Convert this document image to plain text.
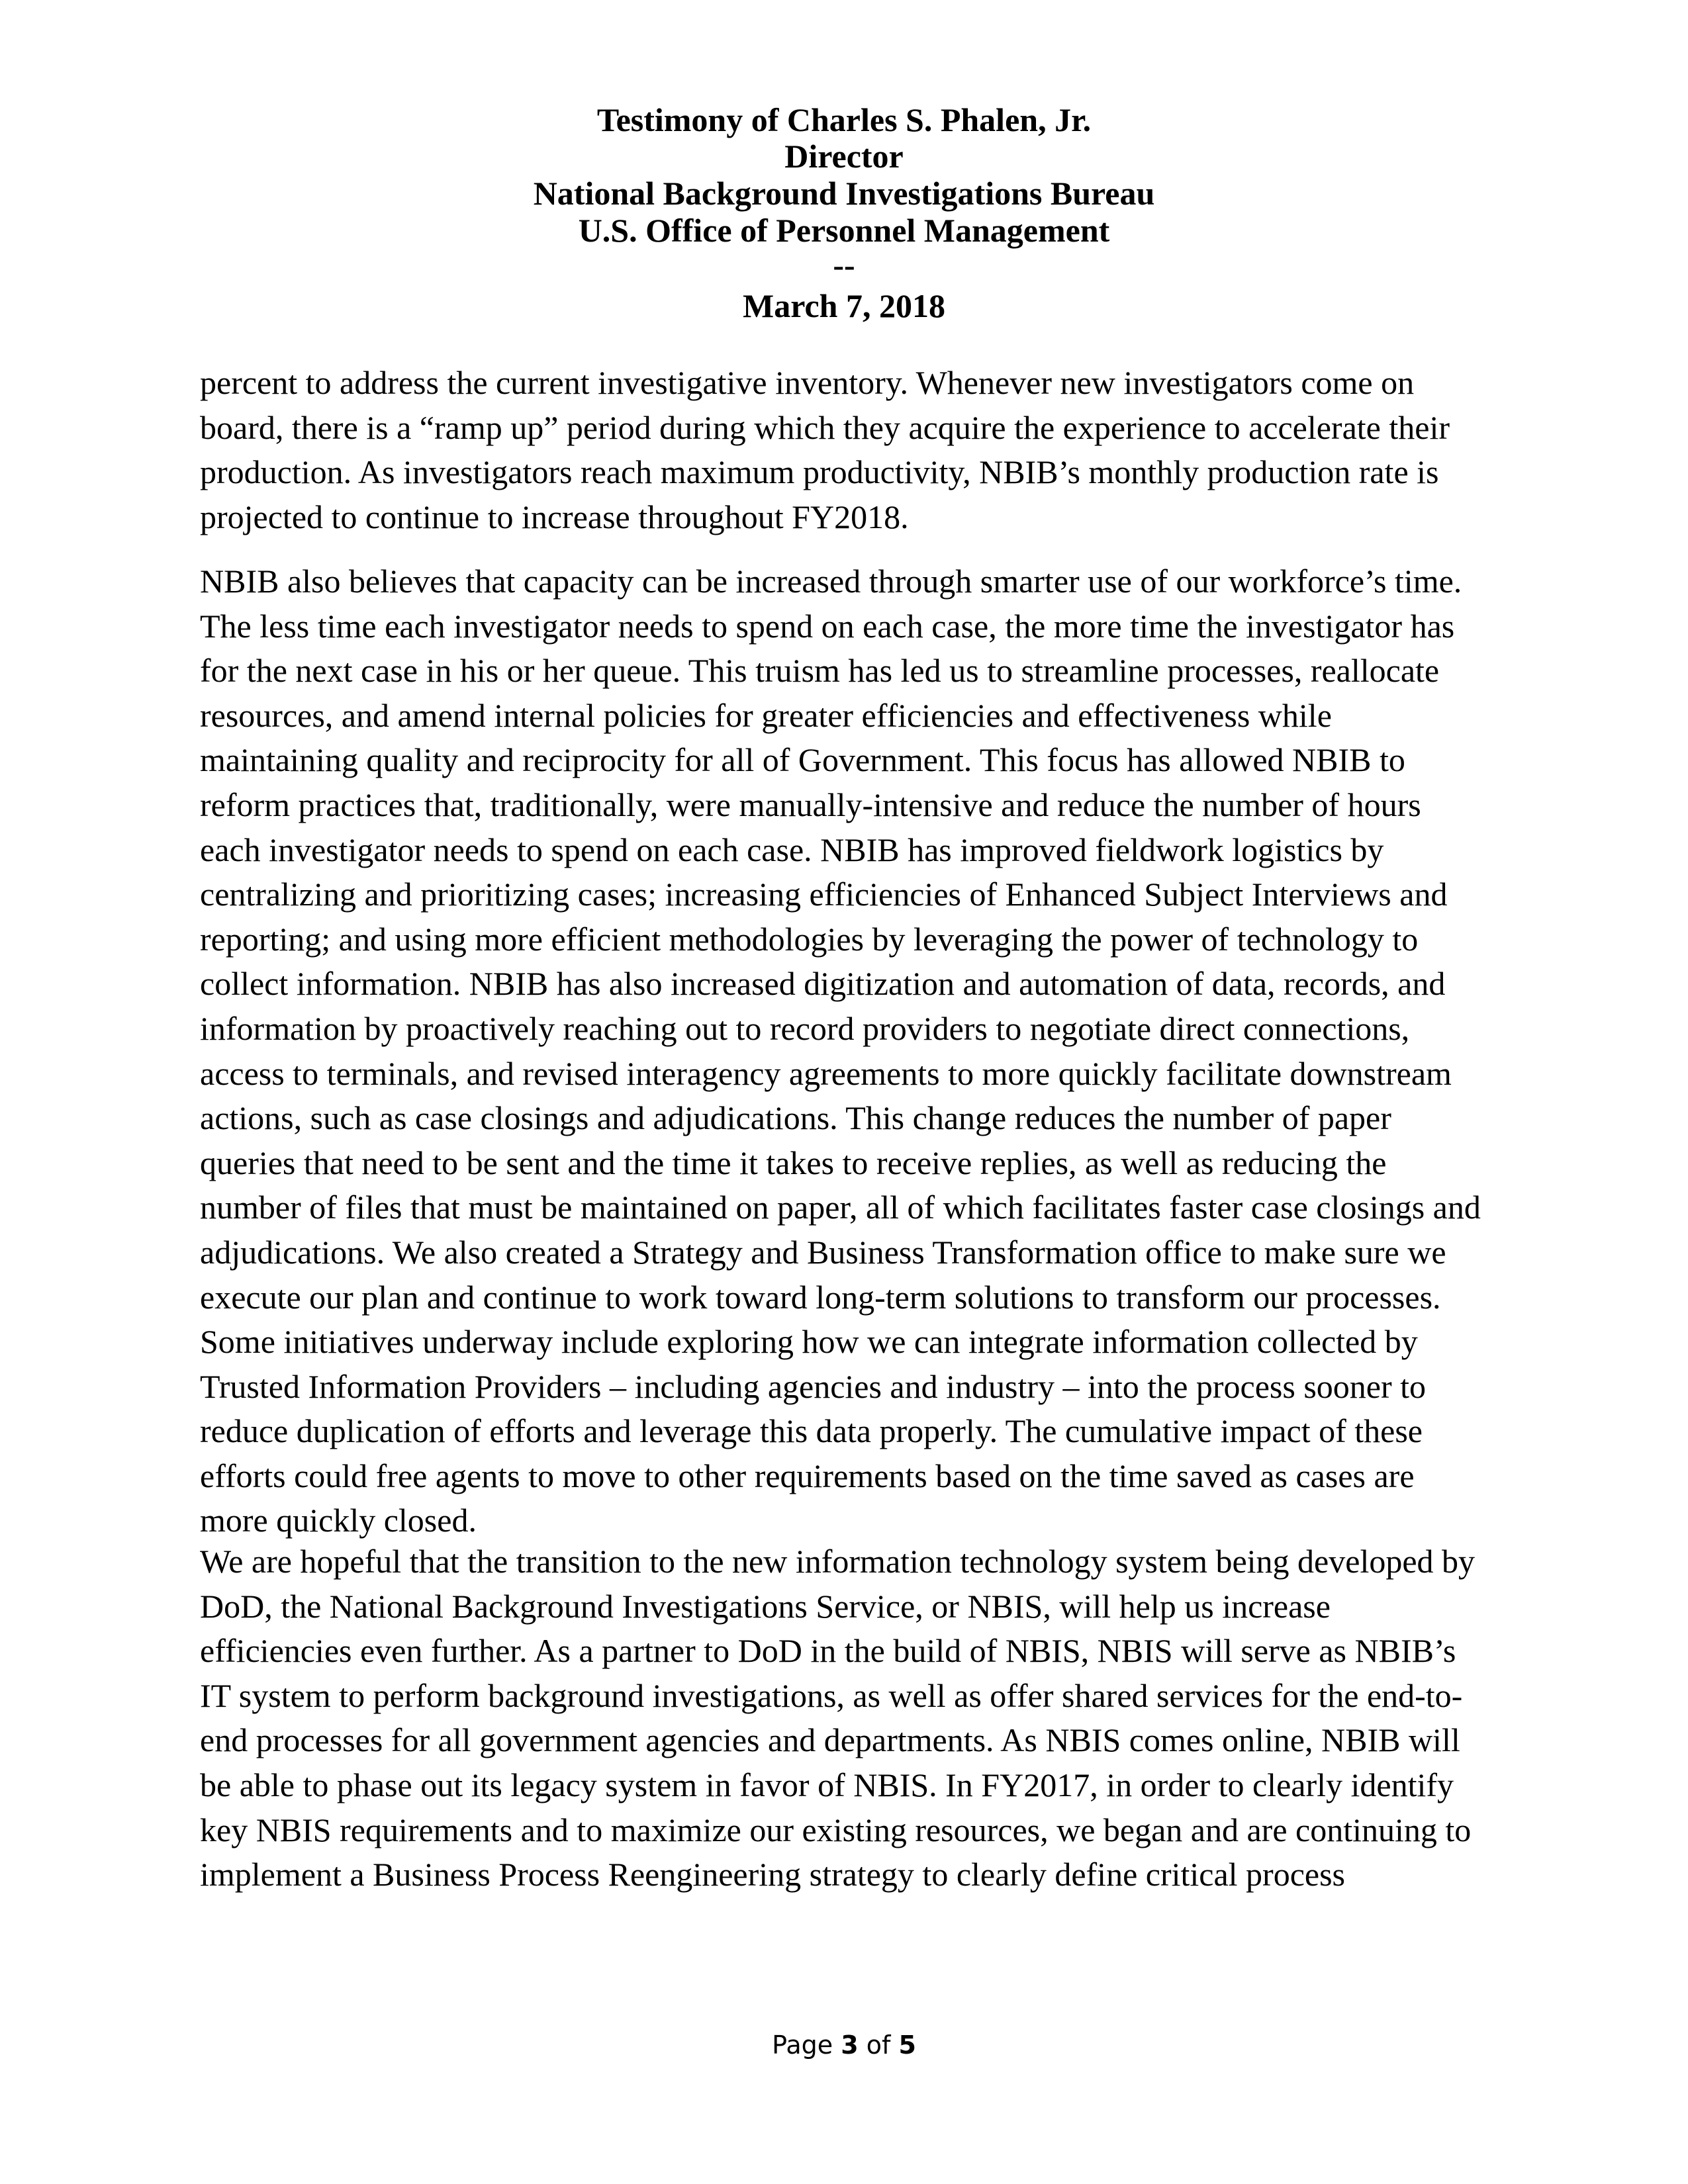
Testimony of Charles S. Phalen, Jr.
Director
National Background Investigations Bureau
U.S. Office of Personnel Management
--
March 7, 2018
percent to address the current investigative inventory. Whenever new investigators come on
board, there is a “ramp up” period during which they acquire the experience to accelerate their
production. As investigators reach maximum productivity, NBIB’s monthly production rate is
projected to continue to increase throughout FY2018.
NBIB also believes that capacity can be increased through smarter use of our workforce’s time.
The less time each investigator needs to spend on each case, the more time the investigator has
for the next case in his or her queue. This truism has led us to streamline processes, reallocate
resources, and amend internal policies for greater efficiencies and effectiveness while
maintaining quality and reciprocity for all of Government. This focus has allowed NBIB to
reform practices that, traditionally, were manually-intensive and reduce the number of hours
each investigator needs to spend on each case. NBIB has improved fieldwork logistics by
centralizing and prioritizing cases; increasing efficiencies of Enhanced Subject Interviews and
reporting; and using more efficient methodologies by leveraging the power of technology to
collect information. NBIB has also increased digitization and automation of data, records, and
information by proactively reaching out to record providers to negotiate direct connections,
access to terminals, and revised interagency agreements to more quickly facilitate downstream
actions, such as case closings and adjudications. This change reduces the number of paper
queries that need to be sent and the time it takes to receive replies, as well as reducing the
number of files that must be maintained on paper, all of which facilitates faster case closings and
adjudications. We also created a Strategy and Business Transformation office to make sure we
execute our plan and continue to work toward long-term solutions to transform our processes.
Some initiatives underway include exploring how we can integrate information collected by
Trusted Information Providers – including agencies and industry – into the process sooner to
reduce duplication of efforts and leverage this data properly. The cumulative impact of these
efforts could free agents to move to other requirements based on the time saved as cases are
more quickly closed.
We are hopeful that the transition to the new information technology system being developed by
DoD, the National Background Investigations Service, or NBIS, will help us increase
efficiencies even further. As a partner to DoD in the build of NBIS, NBIS will serve as NBIB’s
IT system to perform background investigations, as well as offer shared services for the end-to-
end processes for all government agencies and departments. As NBIS comes online, NBIB will
be able to phase out its legacy system in favor of NBIS. In FY2017, in order to clearly identify
key NBIS requirements and to maximize our existing resources, we began and are continuing to
implement a Business Process Reengineering strategy to clearly define critical process
Page 3 of 5
